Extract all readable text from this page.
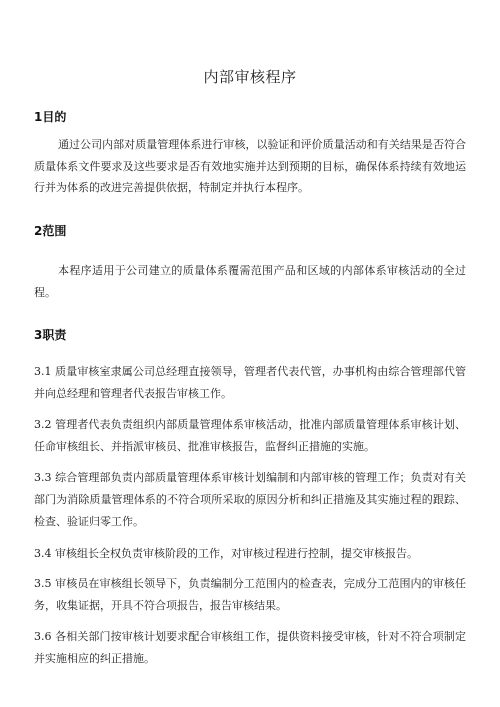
内部审核程序
1目的
通过公司内部对质量管理体系进行审核，以验证和评价质量活动和有关结果是否符合质量体系文件要求及这些要求是否有效地实施并达到预期的目标，确保体系持续有效地运行并为体系的改进完善提供依据，特制定并执行本程序。
2范围
本程序适用于公司建立的质量体系覆需范围产品和区域的内部体系审核活动的全过程。
3职责
3.1 质量审核室隶属公司总经理直接领导，管理者代表代管，办事机构由综合管理部代管并向总经理和管理者代表报告审核工作。
3.2 管理者代表负责组织内部质量管理体系审核活动，批准内部质量管理体系审核计划、任命审核组长、并指派审核员、批准审核报告，监督纠正措施的实施。
3.3 综合管理部负责内部质量管理体系审核计划编制和内部审核的管理工作；负责对有关部门为消除质量管理体系的不符合项所采取的原因分析和纠正措施及其实施过程的跟踪、检查、验证归零工作。
3.4 审核组长全权负责审核阶段的工作，对审核过程进行控制，提交审核报告。
3.5 审核员在审核组长领导下，负责编制分工范围内的检查表，完成分工范围内的审核任务，收集证据，开具不符合项报告，报告审核结果。
3.6 各相关部门按审核计划要求配合审核组工作，提供资料接受审核，针对不符合项制定并实施相应的纠正措施。
